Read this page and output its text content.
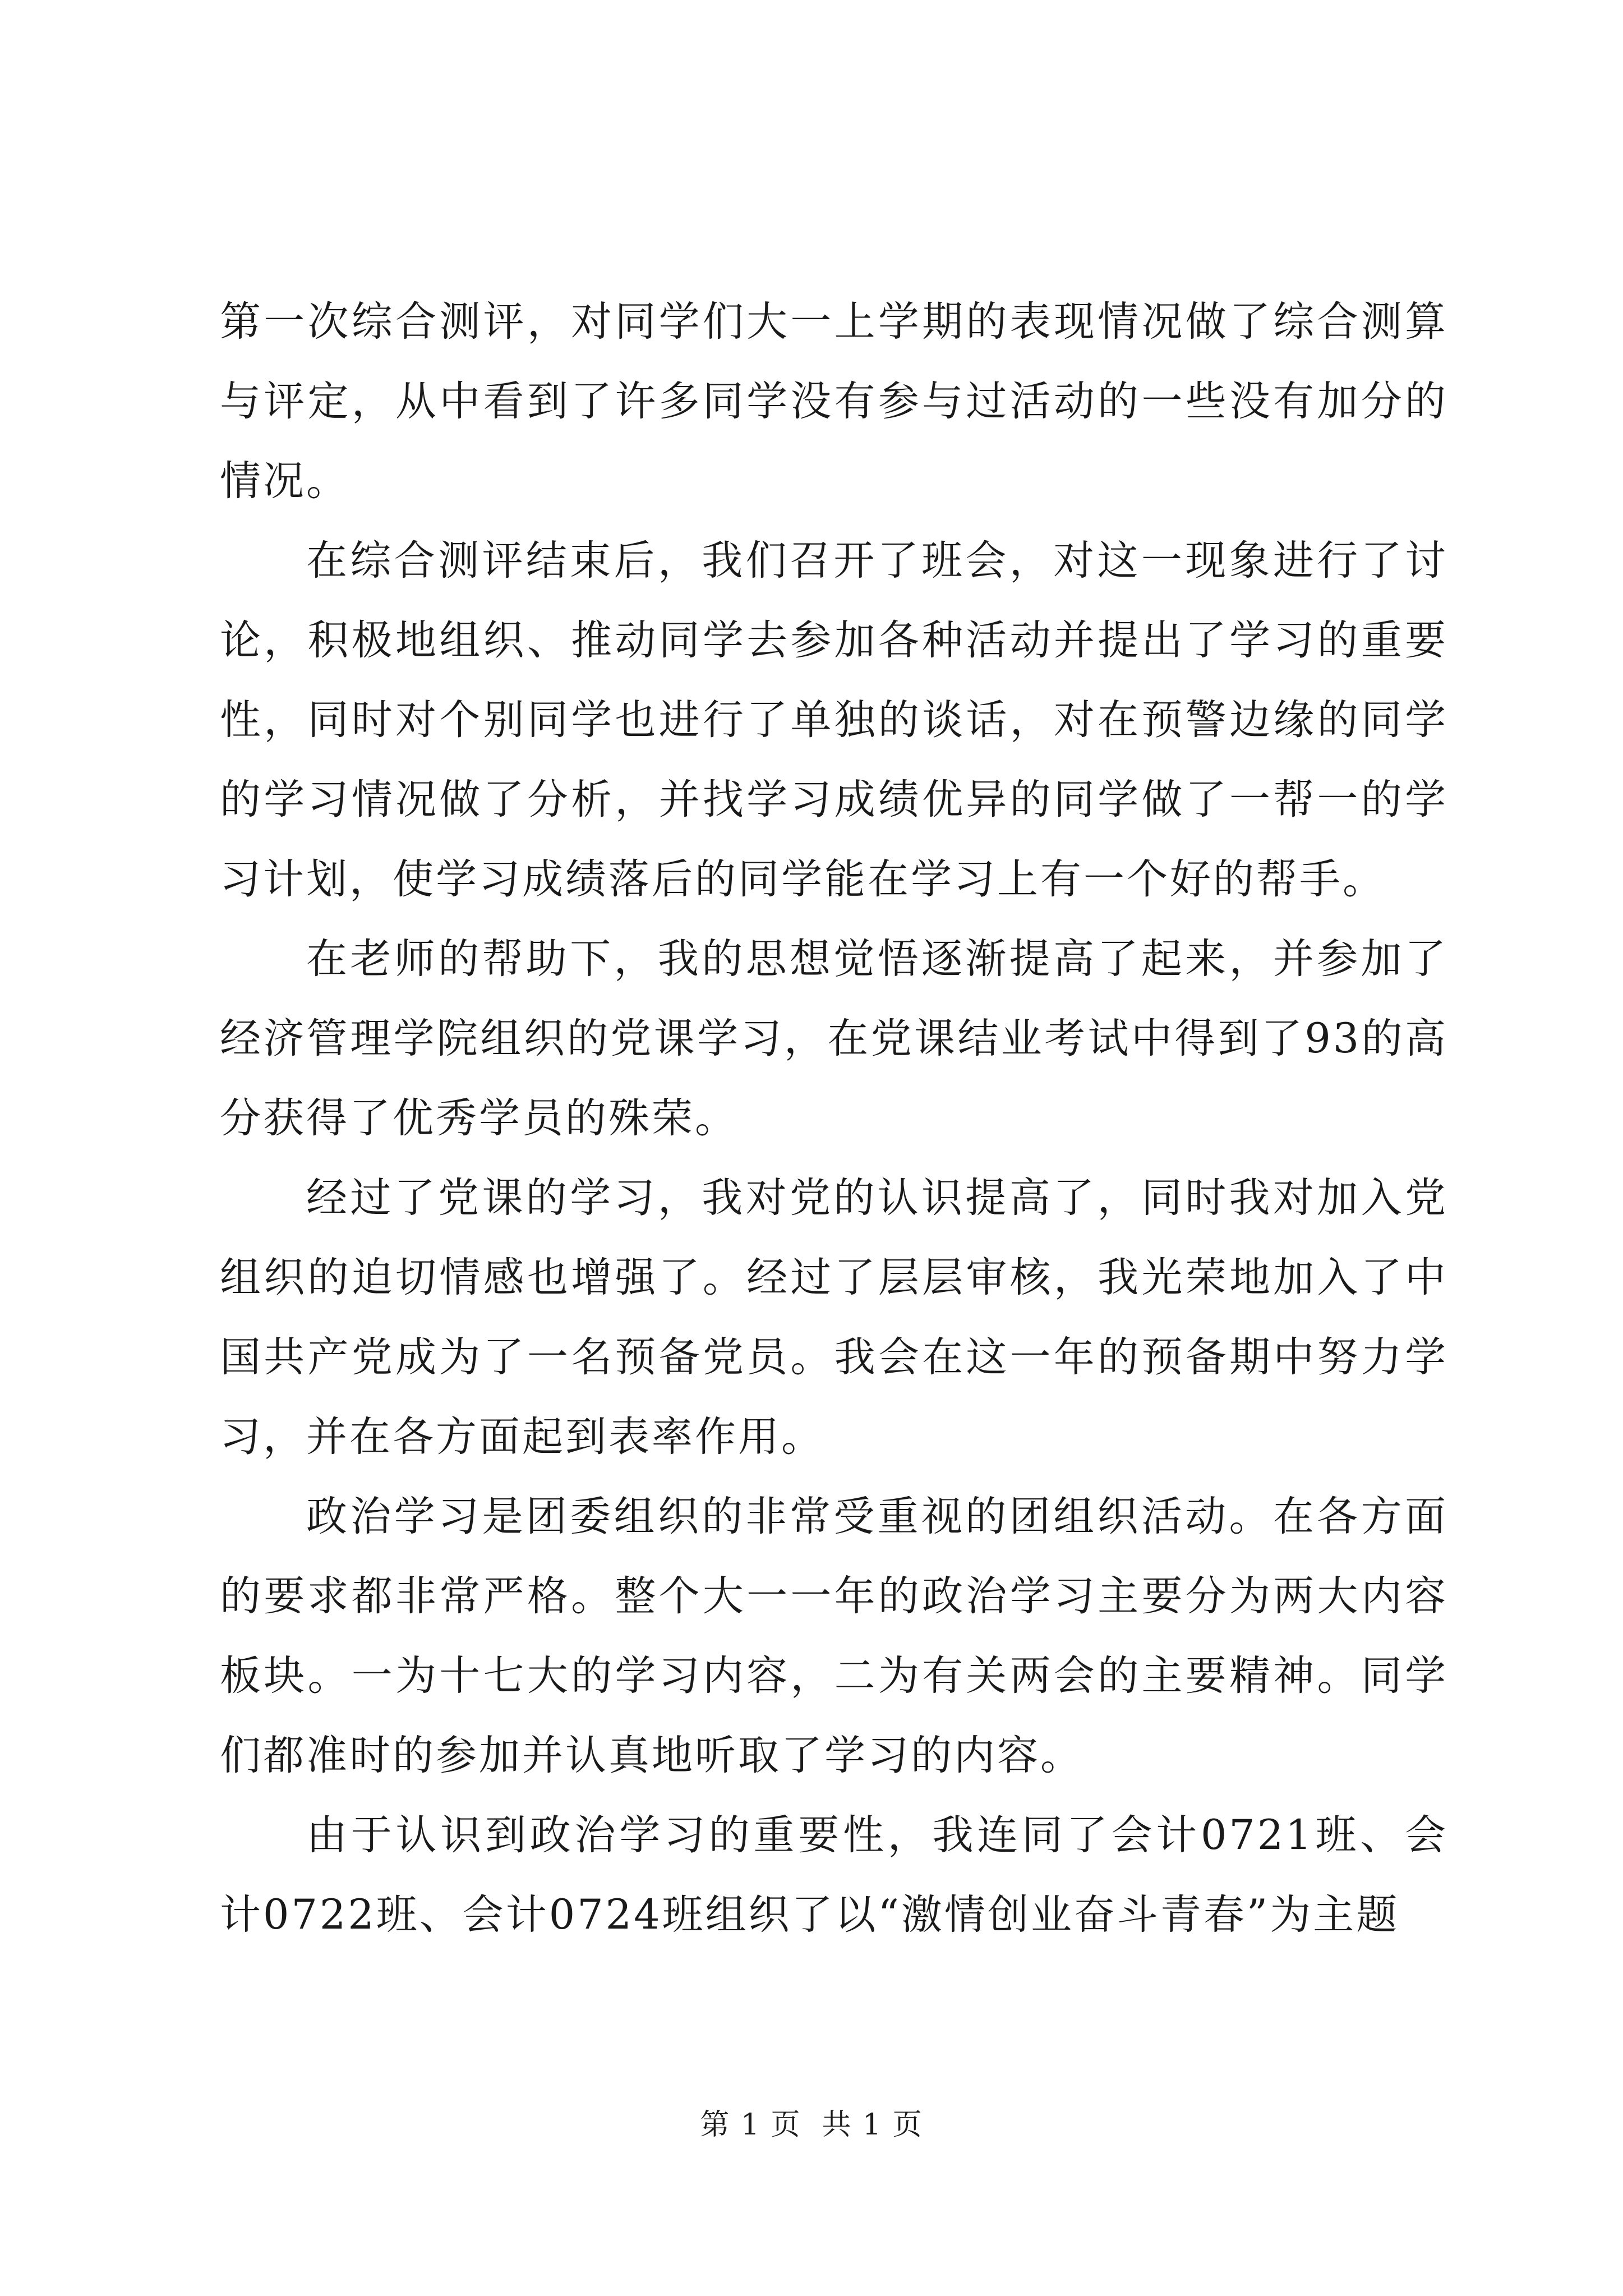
第一次综合测评，对同学们大一上学期的表现情况做了综合测算与评定，从中看到了许多同学没有参与过活动的一些没有加分的情况。

在综合测评结束后，我们召开了班会，对这一现象进行了讨论，积极地组织、推动同学去参加各种活动并提出了学习的重要性，同时对个别同学也进行了单独的谈话，对在预警边缘的同学的学习情况做了分析，并找学习成绩优异的同学做了一帮一的学习计划，使学习成绩落后的同学能在学习上有一个好的帮手。

在老师的帮助下，我的思想觉悟逐渐提高了起来，并参加了经济管理学院组织的党课学习，在党课结业考试中得到了93的高分获得了优秀学员的殊荣。

经过了党课的学习，我对党的认识提高了，同时我对加入党组织的迫切情感也增强了。经过了层层审核，我光荣地加入了中国共产党成为了一名预备党员。我会在这一年的预备期中努力学习，并在各方面起到表率作用。

政治学习是团委组织的非常受重视的团组织活动。在各方面的要求都非常严格。整个大一一年的政治学习主要分为两大内容板块。一为十七大的学习内容，二为有关两会的主要精神。同学们都准时的参加并认真地听取了学习的内容。

由于认识到政治学习的重要性，我连同了会计0721班、会计0722班、会计0724班组织了以“激情创业奋斗青春”为主题

第 1 页  共 1 页
